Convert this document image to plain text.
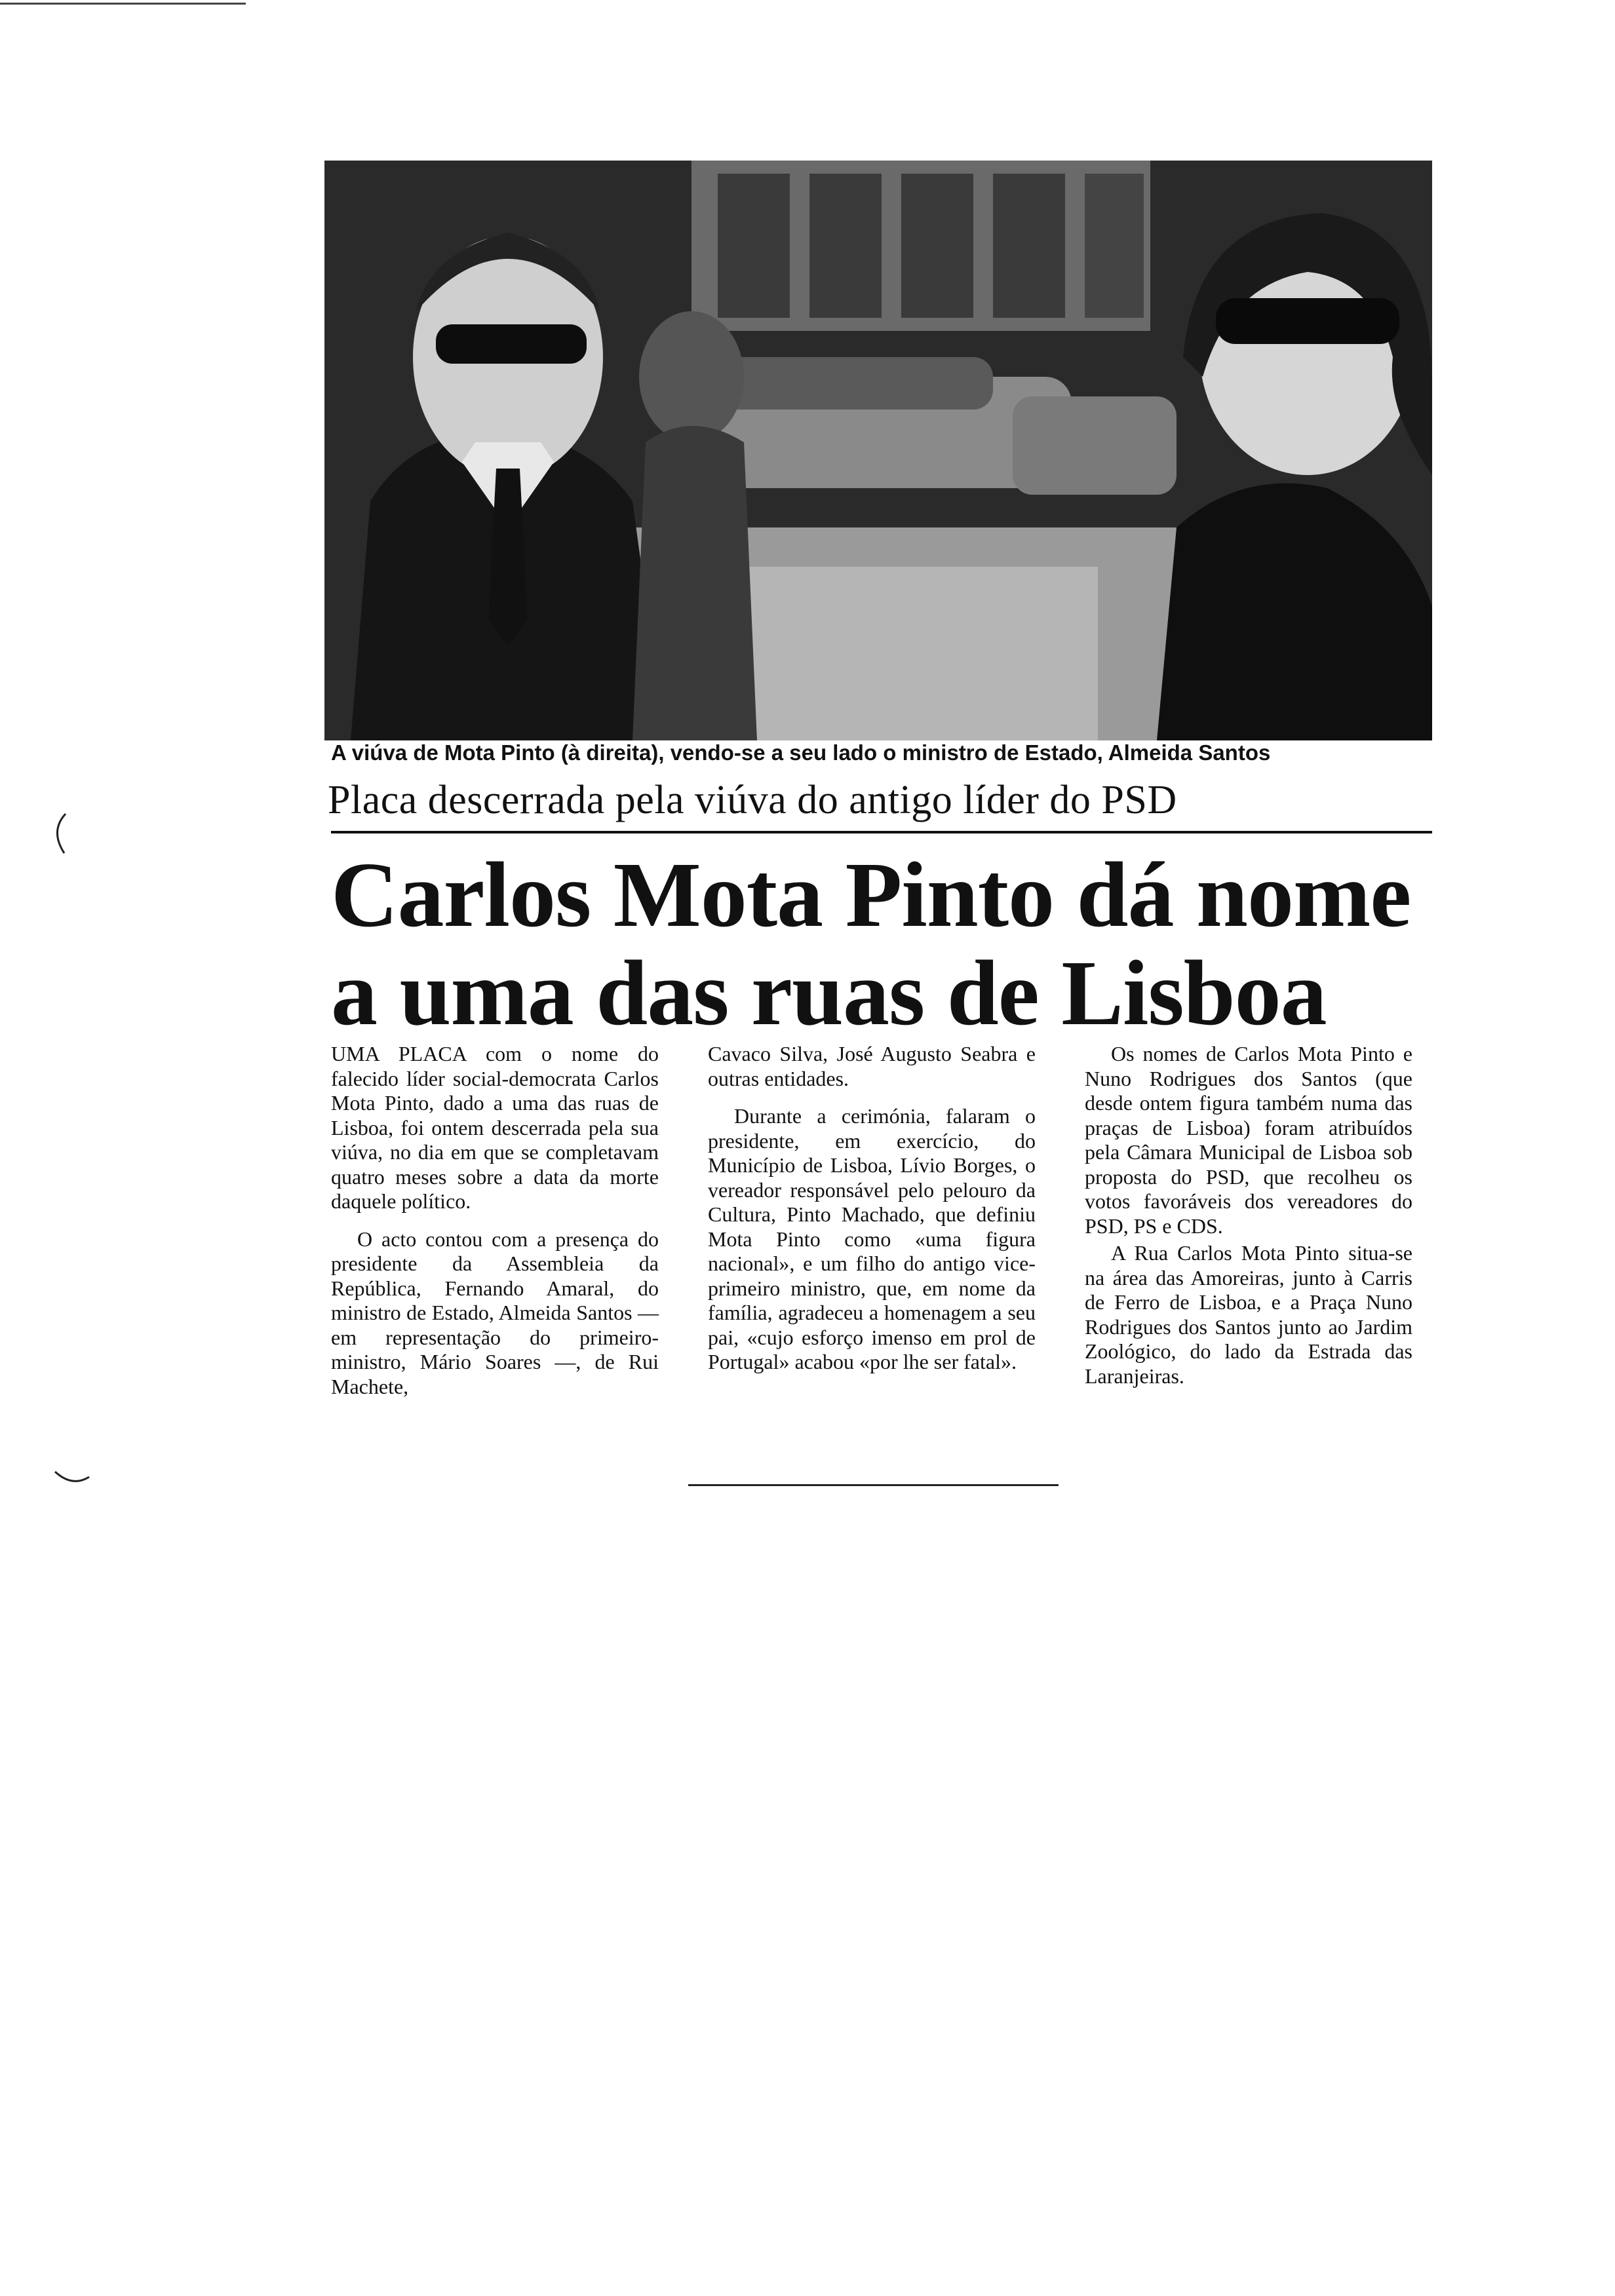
A viúva de Mota Pinto (à direita), vendo-se a seu lado o ministro de Estado, Almeida Santos
Placa descerrada pela viúva do antigo líder do PSD
Carlos Mota Pinto dá nome
a uma das ruas de Lisboa

UMA PLACA com o nome do falecido líder social-democrata Carlos Mota Pinto, dado a uma das ruas de Lisboa, foi ontem descerrada pela sua viúva, no dia em que se completavam quatro meses sobre a data da morte daquele político.

O acto contou com a presença do presidente da Assembleia da República, Fernando Amaral, do ministro de Estado, Almeida Santos — em representação do primeiro-ministro, Mário Soares —, de Rui Machete,

Cavaco Silva, José Augusto Seabra e outras entidades.

Durante a cerimónia, falaram o presidente, em exercício, do Município de Lisboa, Lívio Borges, o vereador responsável pelo pelouro da Cultura, Pinto Machado, que definiu Mota Pinto como «uma figura nacional», e um filho do antigo vice-primeiro ministro, que, em nome da família, agradeceu a homenagem a seu pai, «cujo esforço imenso em prol de Portugal» acabou «por lhe ser fatal».

Os nomes de Carlos Mota Pinto e Nuno Rodrigues dos Santos (que desde ontem figura também numa das praças de Lisboa) foram atribuídos pela Câmara Municipal de Lisboa sob proposta do PSD, que recolheu os votos favoráveis dos vereadores do PSD, PS e CDS.

A Rua Carlos Mota Pinto situa-se na área das Amoreiras, junto à Carris de Ferro de Lisboa, e a Praça Nuno Rodrigues dos Santos junto ao Jardim Zoológico, do lado da Estrada das Laranjeiras.
